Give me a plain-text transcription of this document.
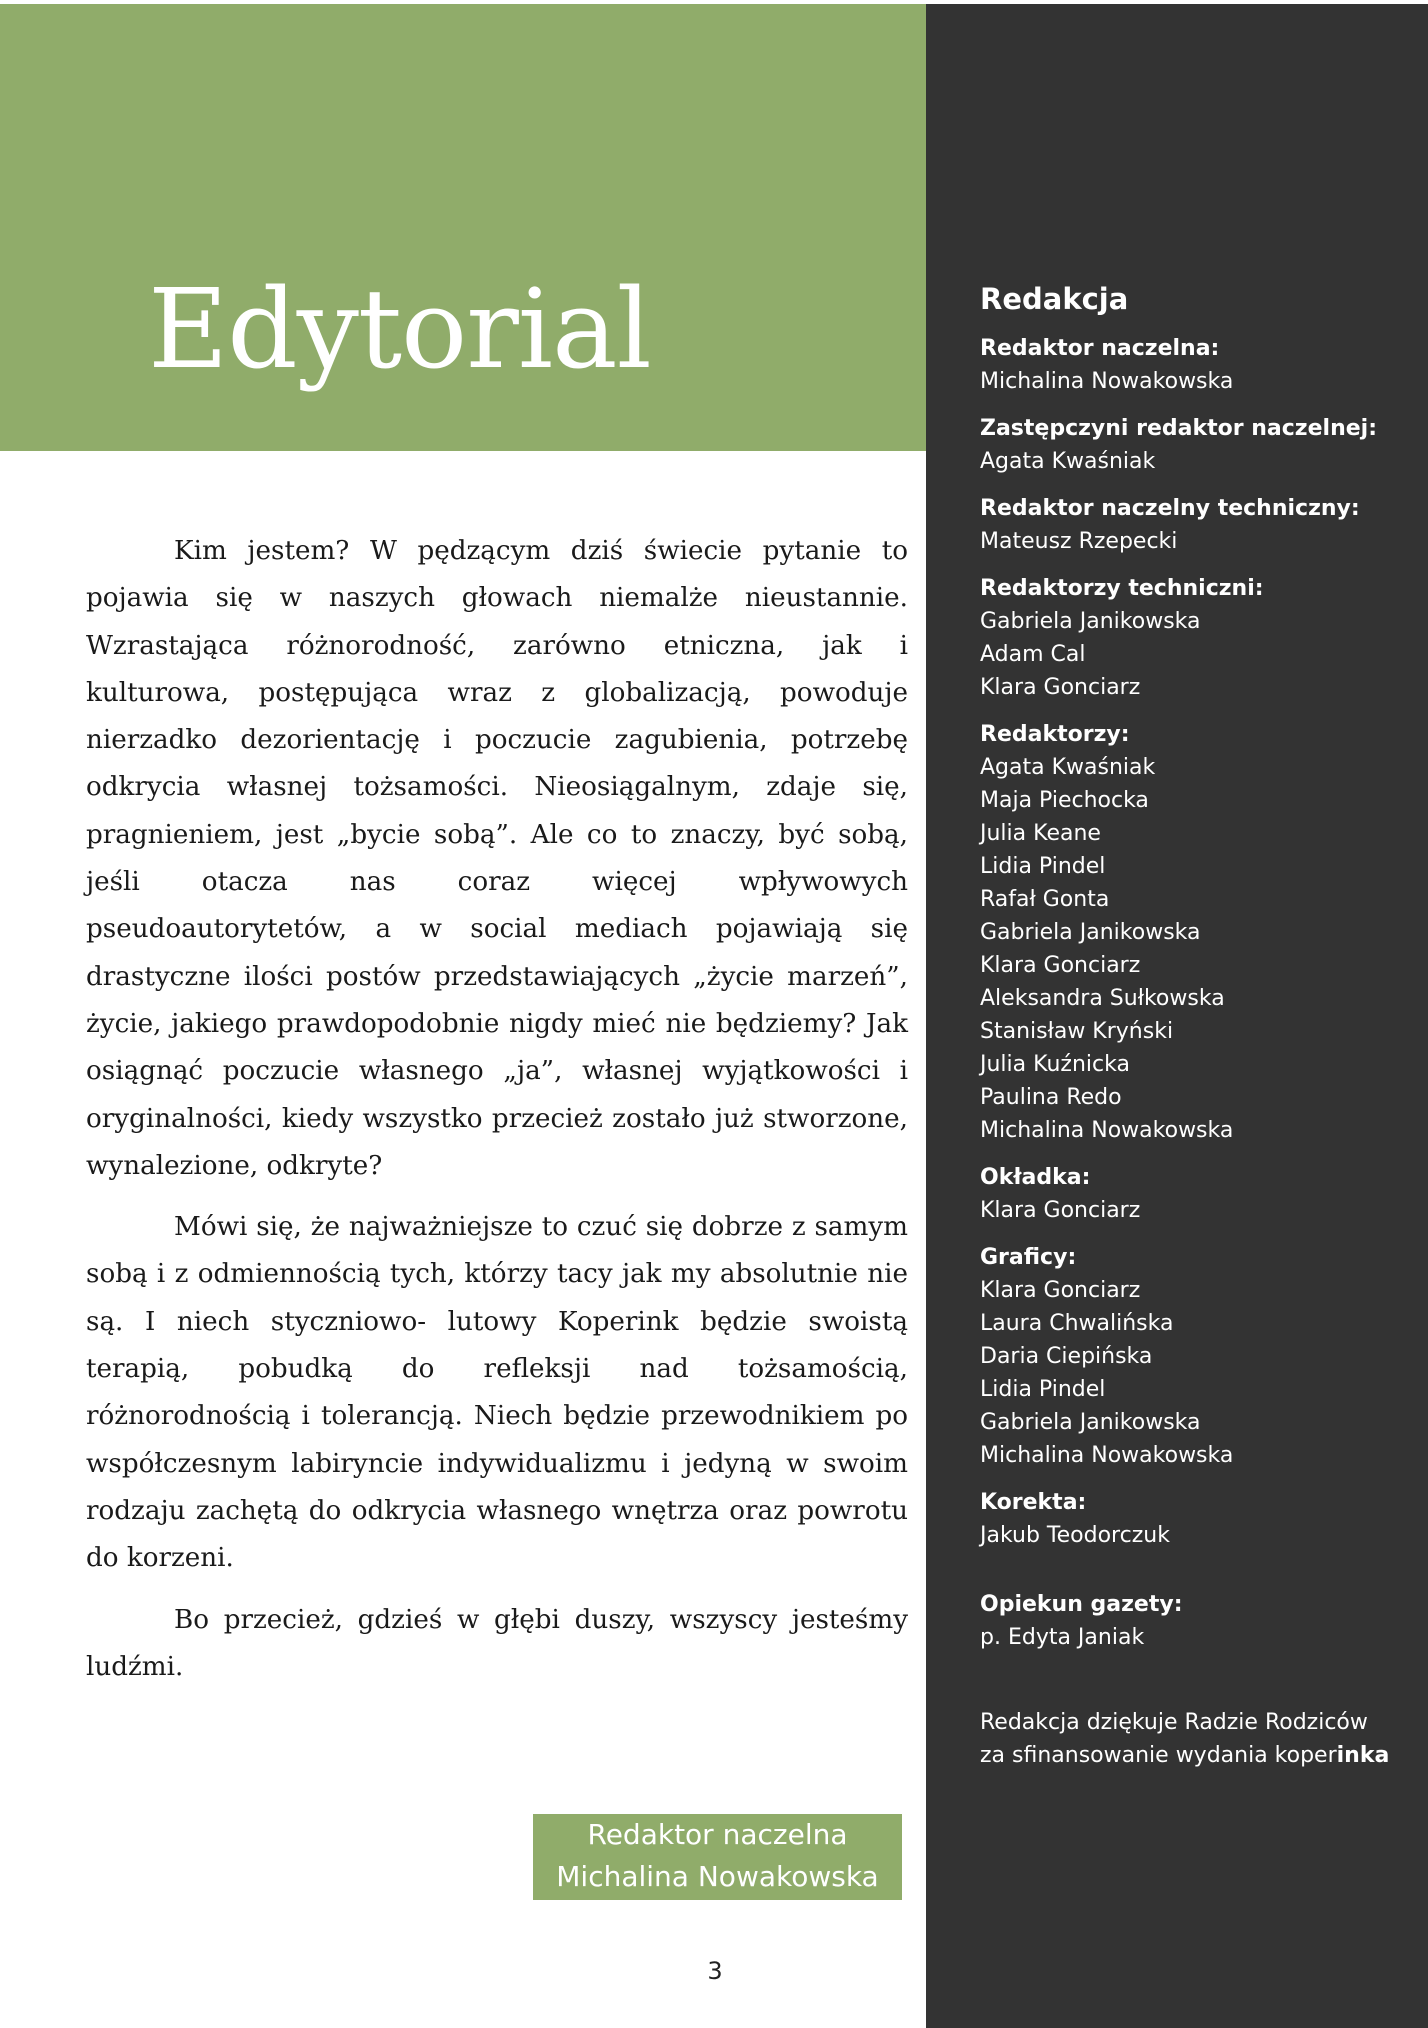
Edytorial

Kim jestem? W pędzącym dziś świecie pytanie to pojawia się w naszych głowach niemalże nieustannie. Wzrastająca różnorodność, zarówno etniczna, jak i kulturowa, postępująca wraz z globalizacją, powoduje nierzadko dezorientację i poczucie zagubienia, potrzebę odkrycia własnej tożsamości. Nieosiągalnym, zdaje się, pragnieniem, jest „bycie sobą”. Ale co to znaczy, być sobą, jeśli otacza nas coraz więcej wpływowych pseudoautorytetów, a w social mediach pojawiają się drastyczne ilości postów przedstawiających „życie marzeń”, życie, jakiego prawdopodobnie nigdy mieć nie będziemy? Jak osiągnąć poczucie własnego „ja”, własnej wyjątkowości i oryginalności, kiedy wszystko przecież zostało już stworzone, wynalezione, odkryte?

Mówi się, że najważniejsze to czuć się dobrze z samym sobą i z odmiennością tych, którzy tacy jak my absolutnie nie są. I niech styczniowo- lutowy Koperink będzie swoistą terapią, pobudką do refleksji nad tożsamością, różnorodnością i tolerancją. Niech będzie przewodnikiem po współczesnym labiryncie indywidualizmu i jedyną w swoim rodzaju zachętą do odkrycia własnego wnętrza oraz powrotu do korzeni.

Bo przecież, gdzieś w głębi duszy, wszyscy jesteśmy ludźmi.

Redaktor naczelna
Michalina Nowakowska
3
Redakcja
Redaktor naczelna:
Michalina Nowakowska
Zastępczyni redaktor naczelnej:
Agata Kwaśniak
Redaktor naczelny techniczny:
Mateusz Rzepecki
Redaktorzy techniczni:
Gabriela Janikowska
Adam Cal
Klara Gonciarz
Redaktorzy:
Agata Kwaśniak
Maja Piechocka
Julia Keane
Lidia Pindel
Rafał Gonta
Gabriela Janikowska
Klara Gonciarz
Aleksandra Sułkowska
Stanisław Kryński
Julia Kuźnicka
Paulina Redo
Michalina Nowakowska
Okładka:
Klara Gonciarz
Graficy:
Klara Gonciarz
Laura Chwalińska
Daria Ciepińska
Lidia Pindel
Gabriela Janikowska
Michalina Nowakowska
Korekta:
Jakub Teodorczuk
Opiekun gazety:
p. Edyta Janiak
Redakcja dziękuje Radzie Rodziców
za sfinansowanie wydania koperinka
